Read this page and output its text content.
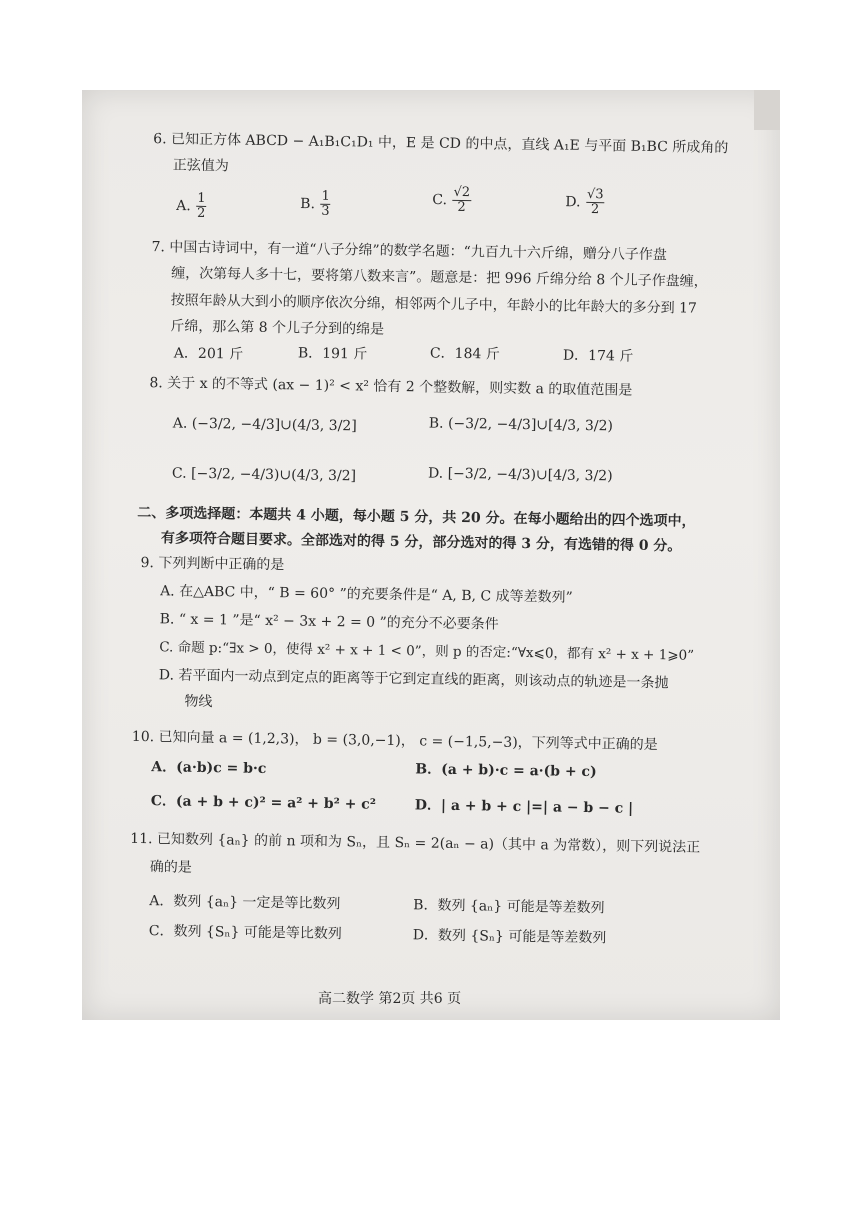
6. 已知正方体 ABCD − A₁B₁C₁D₁ 中，E 是 CD 的中点，直线 A₁E 与平面 B₁BC 所成角的
正弦值为
A. $\frac{1}{2}$	B. $\frac{1}{3}$	C. $\frac{√2}{2}$	D. $\frac{√3}{2}$
7. 中国古诗词中，有一道“八子分绵”的数学名题：“九百九十六斤绵，赠分八子作盘
缠，次第每人多十七，要将第八数来言”。题意是：把 996 斤绵分给 8 个儿子作盘缠，
按照年龄从大到小的顺序依次分绵，相邻两个儿子中，年龄小的比年龄大的多分到 17
斤绵，那么第 8 个儿子分到的绵是
A．201 斤	B．191 斤	C．184 斤	D．174 斤
8. 关于 x 的不等式 (ax − 1)² < x² 恰有 2 个整数解，则实数 a 的取值范围是
A. (−3/2, −4/3]∪(4/3, 3/2]	B. (−3/2, −4/3]∪[4/3, 3/2)
C. [−3/2, −4/3)∪(4/3, 3/2]	D. [−3/2, −4/3)∪[4/3, 3/2)
二、多项选择题：本题共 4 小题，每小题 5 分，共 20 分。在每小题给出的四个选项中，
有多项符合题目要求。全部选对的得 5 分，部分选对的得 3 分，有选错的得 0 分。
9. 下列判断中正确的是
A. 在△ABC 中，“ B = 60° ”的充要条件是“ A, B, C 成等差数列”
B. “ x = 1 ”是“ x² − 3x + 2 = 0 ”的充分不必要条件
C. 命题 p:“∃x > 0，使得 x² + x + 1 < 0”，则 p 的否定:“∀x⩽0，都有 x² + x + 1⩾0”
D. 若平面内一动点到定点的距离等于它到定直线的距离，则该动点的轨迹是一条抛
物线
10. 已知向量 a = (1,2,3)， b = (3,0,−1)， c = (−1,5,−3)，下列等式中正确的是
A．(a·b)c = b·c	B．(a + b)·c = a·(b + c)
C．(a + b + c)² = a² + b² + c²	D．| a + b + c |=| a − b − c |
11. 已知数列 {aₙ} 的前 n 项和为 Sₙ，且 Sₙ = 2(aₙ − a)（其中 a 为常数），则下列说法正
确的是
A．数列 {aₙ} 一定是等比数列	B．数列 {aₙ} 可能是等差数列
C．数列 {Sₙ} 可能是等比数列	D．数列 {Sₙ} 可能是等差数列
高二数学 第2页 共6 页
